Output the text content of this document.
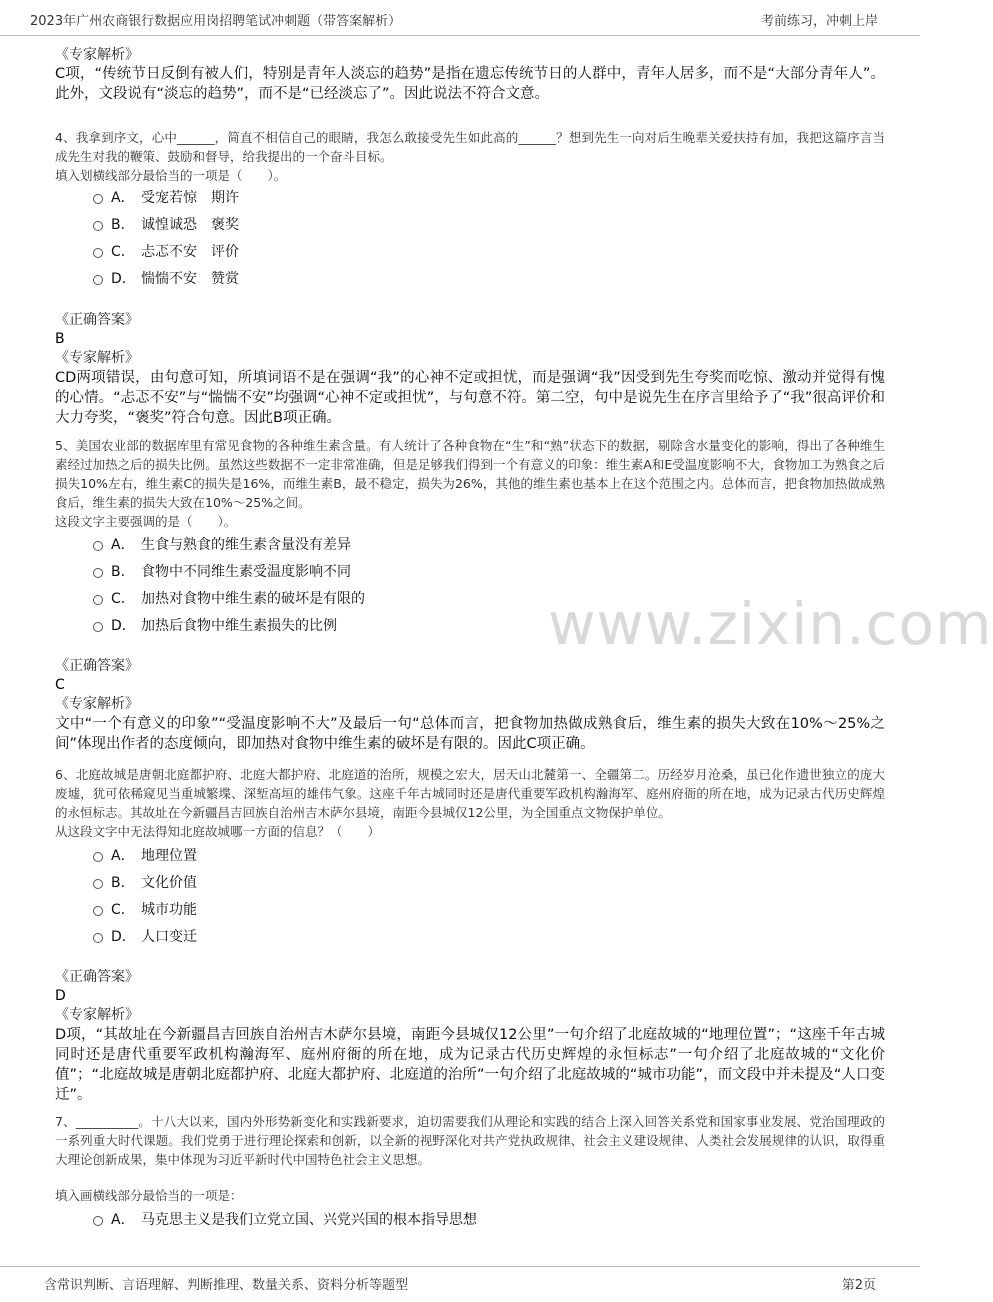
2023年广州农商银行数据应用岗招聘笔试冲刺题（带答案解析）	考前练习，冲刺上岸
《专家解析》
C项，“传统节日反倒有被人们，特别是青年人淡忘的趋势”是指在遗忘传统节日的人群中，青年人居多，而不是“大部分青年人”。此外，文段说有“淡忘的趋势”，而不是“已经淡忘了”。因此说法不符合文意。
4、我拿到序文，心中______，简直不相信自己的眼睛，我怎么敢接受先生如此高的______？想到先生一向对后生晚辈关爱扶持有加，我把这篇序言当成先生对我的鞭策、鼓励和督导，给我提出的一个奋斗目标。
填入划横线部分最恰当的一项是（　　）。
A． 受宠若惊　期许
B． 诚惶诚恐　褒奖
C． 忐忑不安　评价
D． 惴惴不安　赞赏
《正确答案》
B
《专家解析》
CD两项错误，由句意可知，所填词语不是在强调“我”的心神不定或担忧，而是强调“我”因受到先生夸奖而吃惊、激动并觉得有愧的心情。“忐忑不安”与“惴惴不安”均强调“心神不定或担忧”，与句意不符。第二空，句中是说先生在序言里给予了“我”很高评价和大力夸奖，“褒奖”符合句意。因此B项正确。
5、美国农业部的数据库里有常见食物的各种维生素含量。有人统计了各种食物在“生”和“熟”状态下的数据，剔除含水量变化的影响，得出了各种维生素经过加热之后的损失比例。虽然这些数据不一定非常准确，但是足够我们得到一个有意义的印象：维生素A和E受温度影响不大，食物加工为熟食之后损失10%左右，维生素C的损失是16%，而维生素B，最不稳定，损失为26%，其他的维生素也基本上在这个范围之内。总体而言，把食物加热做成熟食后，维生素的损失大致在10%～25%之间。
这段文字主要强调的是（　　）。
A． 生食与熟食的维生素含量没有差异
B． 食物中不同维生素受温度影响不同
C． 加热对食物中维生素的破坏是有限的
D． 加热后食物中维生素损失的比例
《正确答案》
C
《专家解析》
文中“一个有意义的印象”“受温度影响不大”及最后一句“总体而言，把食物加热做成熟食后，维生素的损失大致在10%～25%之间”体现出作者的态度倾向，即加热对食物中维生素的破坏是有限的。因此C项正确。
6、北庭故城是唐朝北庭都护府、北庭大都护府、北庭道的治所，规模之宏大，居天山北麓第一、全疆第二。历经岁月沧桑，虽已化作遗世独立的庞大废墟，犹可依稀窥见当重城繁堞、深堑高垣的雄伟气象。这座千年古城同时还是唐代重要军政机构瀚海军、庭州府衙的所在地，成为记录古代历史辉煌的永恒标志。其故址在今新疆昌吉回族自治州吉木萨尔县境，南距今县城仅12公里，为全国重点文物保护单位。
从这段文字中无法得知北庭故城哪一方面的信息？（　　）
A． 地理位置
B． 文化价值
C． 城市功能
D． 人口变迁
《正确答案》
D
《专家解析》
D项，“其故址在今新疆昌吉回族自治州吉木萨尔县境，南距今县城仅12公里”一句介绍了北庭故城的“地理位置”；“这座千年古城同时还是唐代重要军政机构瀚海军、庭州府衙的所在地，成为记录古代历史辉煌的永恒标志”一句介绍了北庭故城的“文化价值”；“北庭故城是唐朝北庭都护府、北庭大都护府、北庭道的治所”一句介绍了北庭故城的“城市功能”，而文段中并未提及“人口变迁”。
7、__________。十八大以来，国内外形势新变化和实践新要求，迫切需要我们从理论和实践的结合上深入回答关系党和国家事业发展、党治国理政的一系列重大时代课题。我们党勇于进行理论探索和创新，以全新的视野深化对共产党执政规律、社会主义建设规律、人类社会发展规律的认识，取得重大理论创新成果，集中体现为习近平新时代中国特色社会主义思想。
填入画横线部分最恰当的一项是：
A． 马克思主义是我们立党立国、兴党兴国的根本指导思想
www.zixin.com
含常识判断、言语理解、判断推理、数量关系、资料分析等题型	第2页
